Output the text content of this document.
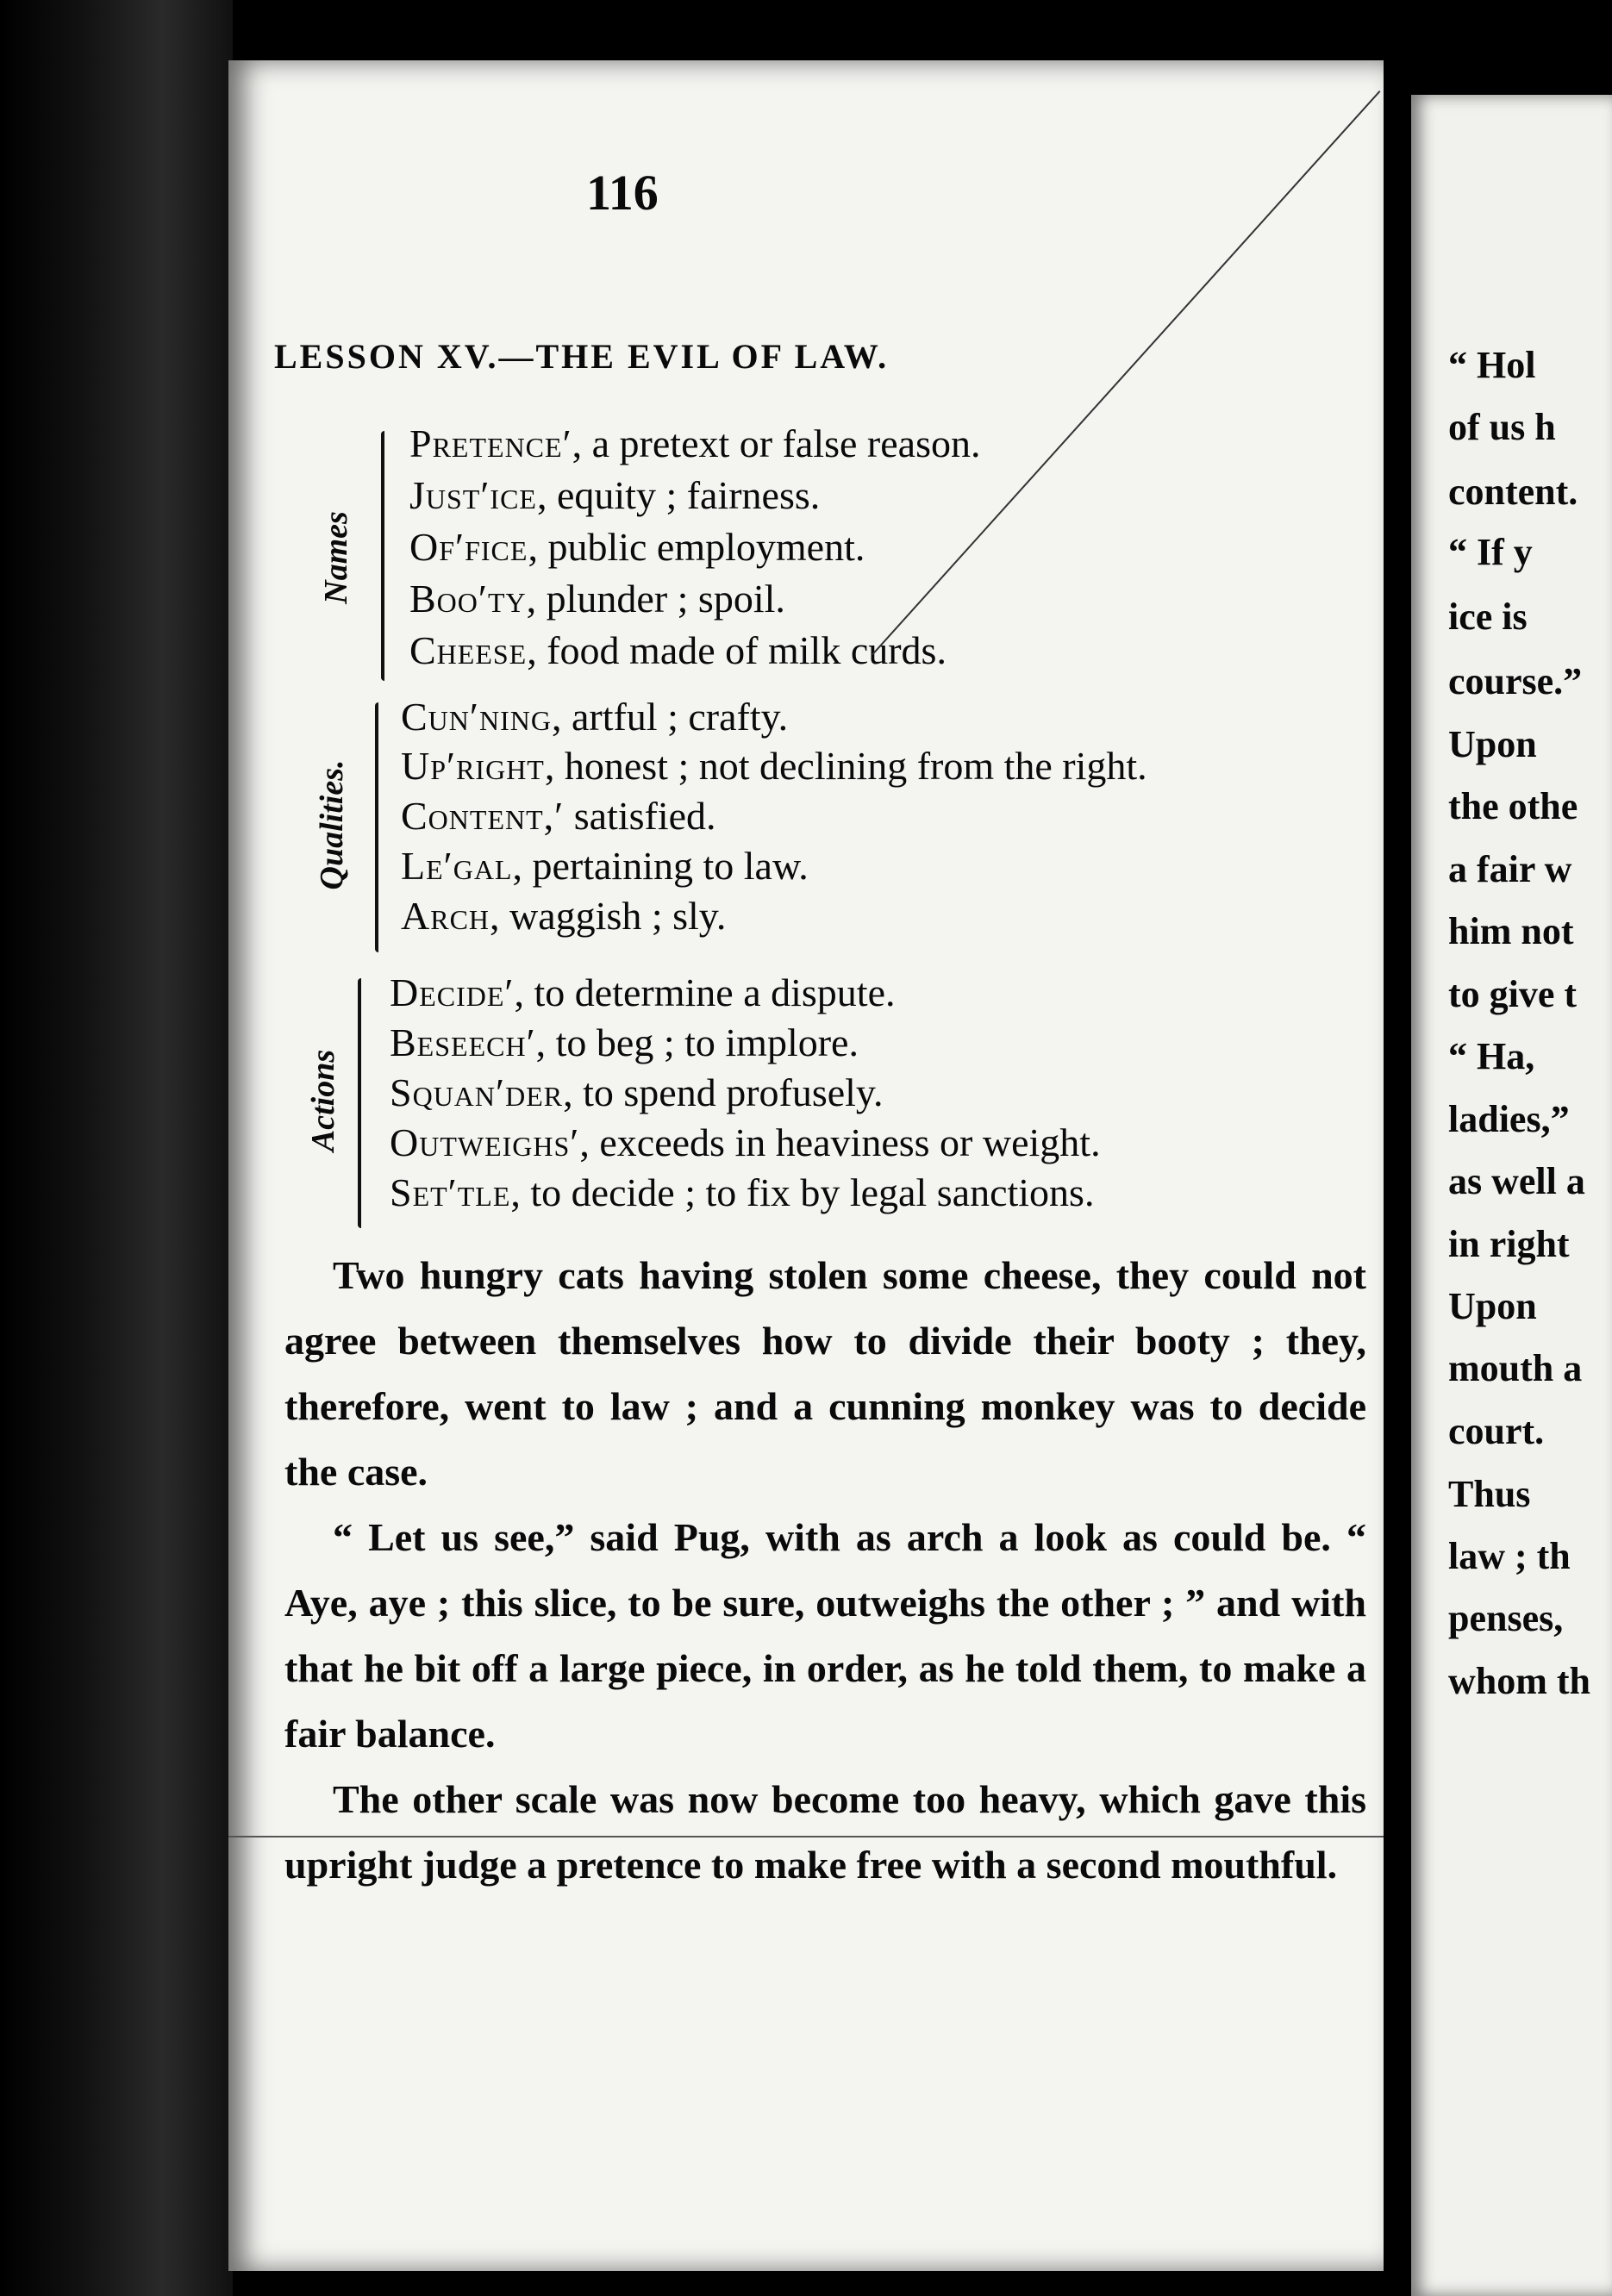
116
LESSON XV.—THE EVIL OF LAW.
Names
Pretence′, a pretext or false reason.
Just′ice, equity ; fairness.
Of′fice, public employment.
Boo′ty, plunder ; spoil.
Cheese, food made of milk curds.
Qualities.
Cun′ning, artful ; crafty.
Up′right, honest ; not declining from the right.
Content,′ satisfied.
Le′gal, pertaining to law.
Arch, waggish ; sly.
Actions
Decide′, to determine a dispute.
Beseech′, to beg ; to implore.
Squan′der, to spend profusely.
Outweighs′, exceeds in heaviness or weight.
Set′tle, to decide ; to fix by legal sanctions.

Two hungry cats having stolen some cheese, they could not agree between themselves how to divide their booty ; they, therefore, went to law ; and a cunning monkey was to decide the case.

“ Let us see,” said Pug, with as arch a look as could be. “ Aye, aye ; this slice, to be sure, outweighs the other ; ” and with that he bit off a large piece, in order, as he told them, to make a fair balance.

The other scale was now become too heavy, which gave this upright judge a pretence to make free with a second mouthful.

“ Hol
of us h
content.
“ If y
ice is
course.”
Upon
the othe
a fair w
him not
to give t
“ Ha,
ladies,”
as well a
in right
Upon
mouth a
court.
Thus
law ; th
penses,
whom th
